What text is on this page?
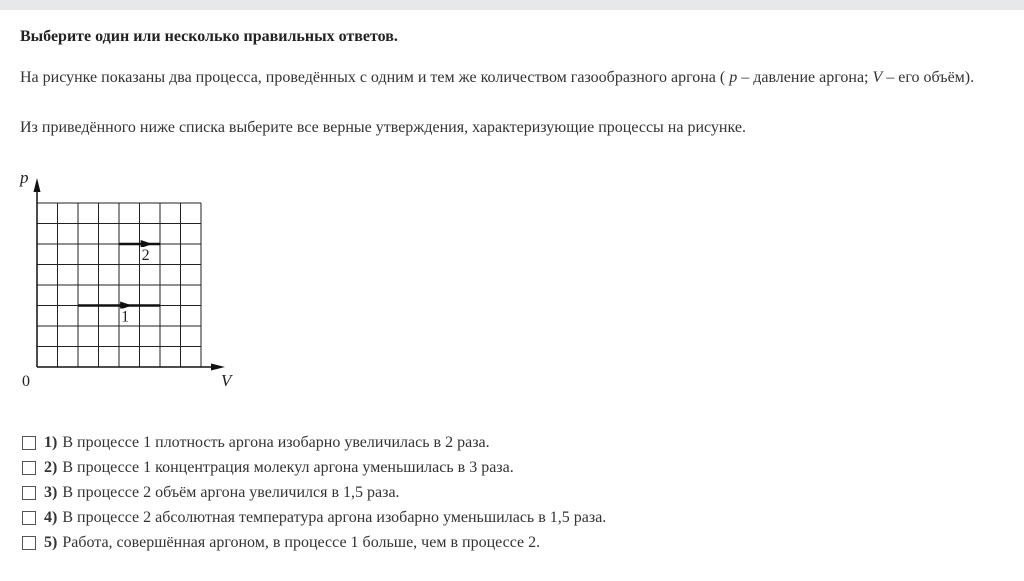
Выберите один или несколько правильных ответов.
На рисунке показаны два процесса, проведённых с одним и тем же количеством газообразного аргона ( p – давление аргона; V – его объём).
Из приведённого ниже списка выберите все верные утверждения, характеризующие процессы на рисунке.
p
V
0
1
2
1) В процессе 1 плотность аргона изобарно увеличилась в 2 раза.
2) В процессе 1 концентрация молекул аргона уменьшилась в 3 раза.
3) В процессе 2 объём аргона увеличился в 1,5 раза.
4) В процессе 2 абсолютная температура аргона изобарно уменьшилась в 1,5 раза.
5) Работа, совершённая аргоном, в процессе 1 больше, чем в процессе 2.
